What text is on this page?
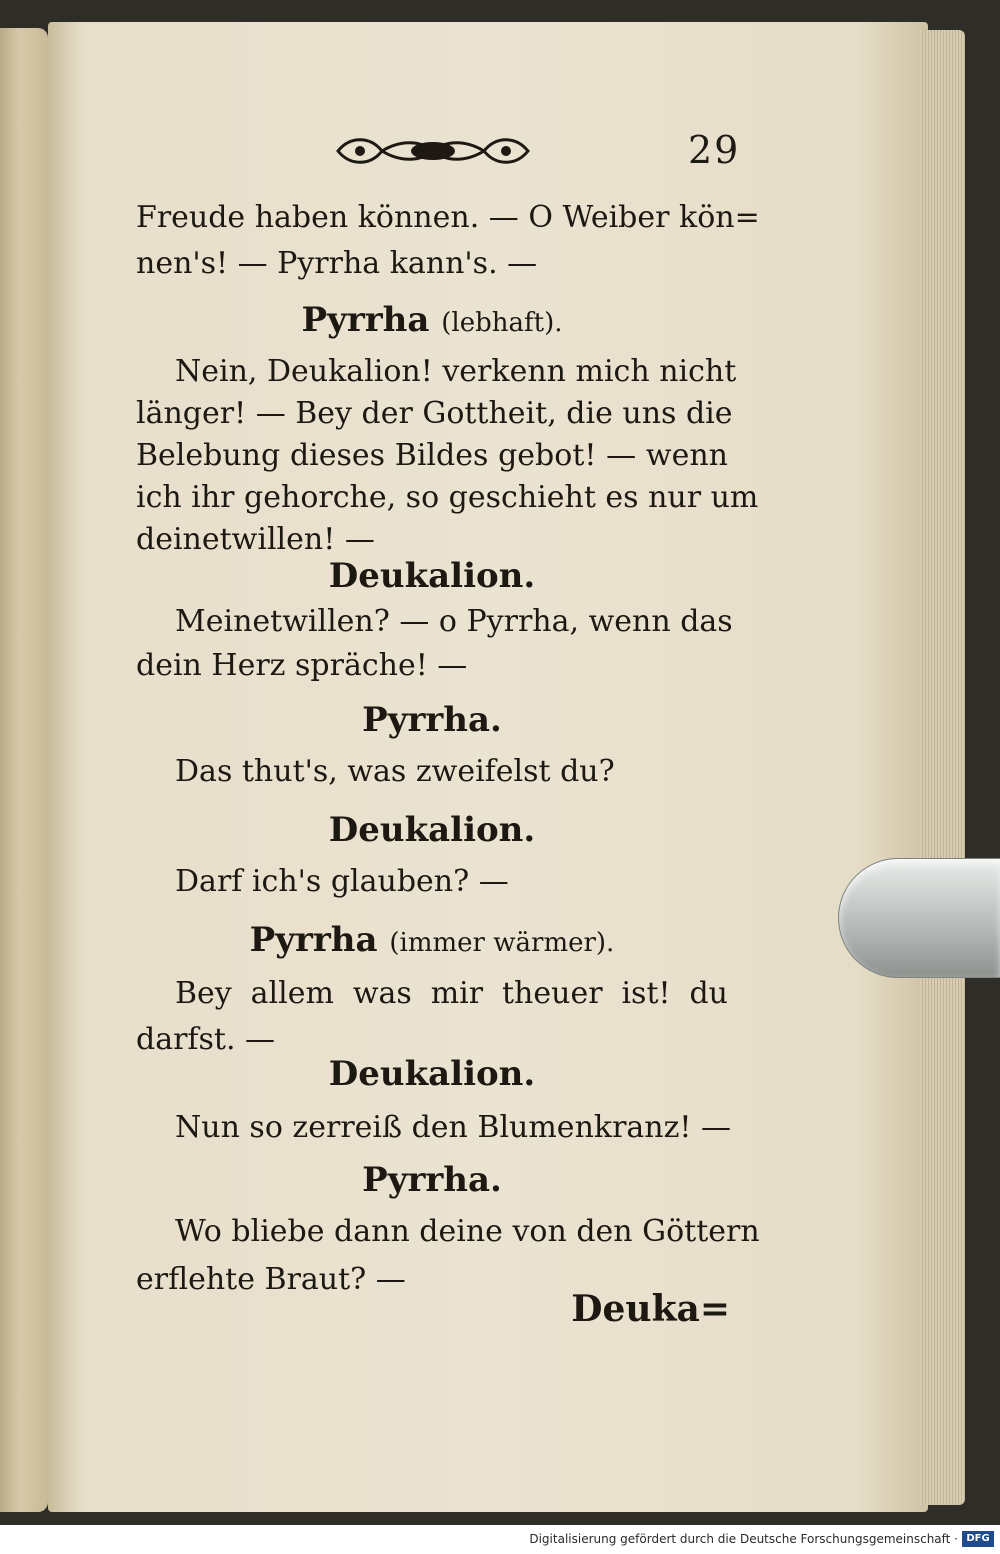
29
Freude haben können. — O Weiber kön=
nen's! — Pyrrha kann's. —
Pyrrha (lebhaft).
Nein, Deukalion! verkenn mich nicht
länger! — Bey der Gottheit, die uns die
Belebung dieses Bildes gebot! — wenn
ich ihr gehorche, so geschieht es nur um
deinetwillen! —
Deukalion.
Meinetwillen? — o Pyrrha, wenn das
dein Herz spräche! —
Pyrrha.
Das thut's, was zweifelst du?
Deukalion.
Darf ich's glauben? —
Pyrrha (immer wärmer).
Bey allem was mir theuer ist! du
darfst. —
Deukalion.
Nun so zerreiß den Blumenkranz! —
Pyrrha.
Wo bliebe dann deine von den Göttern
erflehte Braut? —
Deuka=
Digitalisierung gefördert durch die Deutsche Forschungsgemeinschaft · DFG
